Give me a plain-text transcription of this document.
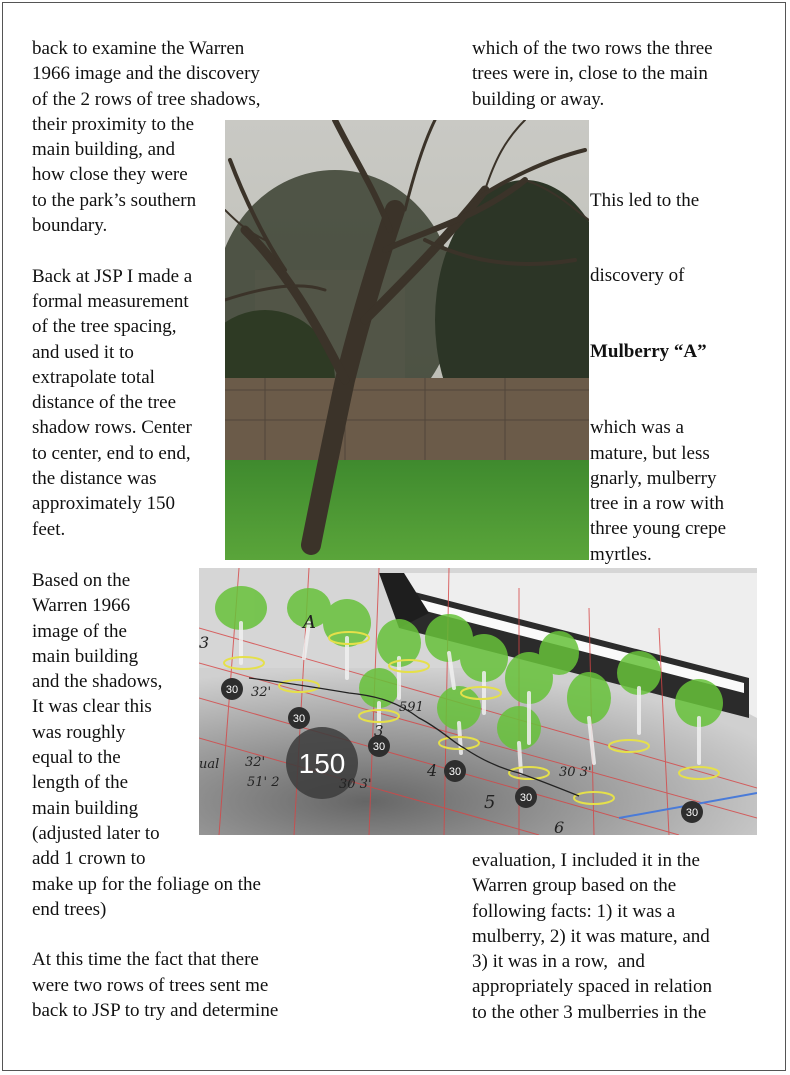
back to examine the Warren
1966 image and the discovery
of the 2 rows of tree shadows,
their proximity to the
main building, and
how close they were
to the park’s southern
boundary.

Back at JSP I made a
formal measurement
of the tree spacing,
and used it to
extrapolate total
distance of the tree
shadow rows. Center
to center, end to end,
the distance was
approximately 150
feet.
which of the two rows the three
trees were in, close to the main
building or away.

This led to the

discovery of

Mulberry “A”

which was a
mature, but less
gnarly, mulberry
tree in a row with
three young crepe
myrtles.

Based on the
Warren 1966
image of the
main building
and the shadows,
It was clear this
was roughly
equal to the
length of the
main building
(adjusted later to
add 1 crown to
make up for the foliage on the
end trees)

At this time the fact that there
were two rows of trees sent me
back to JSP to try and determine
150
30
30
30
30
30
30
A
32'
591
32'
51' 2
3
30 3'
4	30 3'
5
6
ual
3
evaluation, I included it in the
Warren group based on the
following facts: 1) it was a
mulberry, 2) it was mature, and
3) it was in a row,  and
appropriately spaced in relation
to the other 3 mulberries in the
